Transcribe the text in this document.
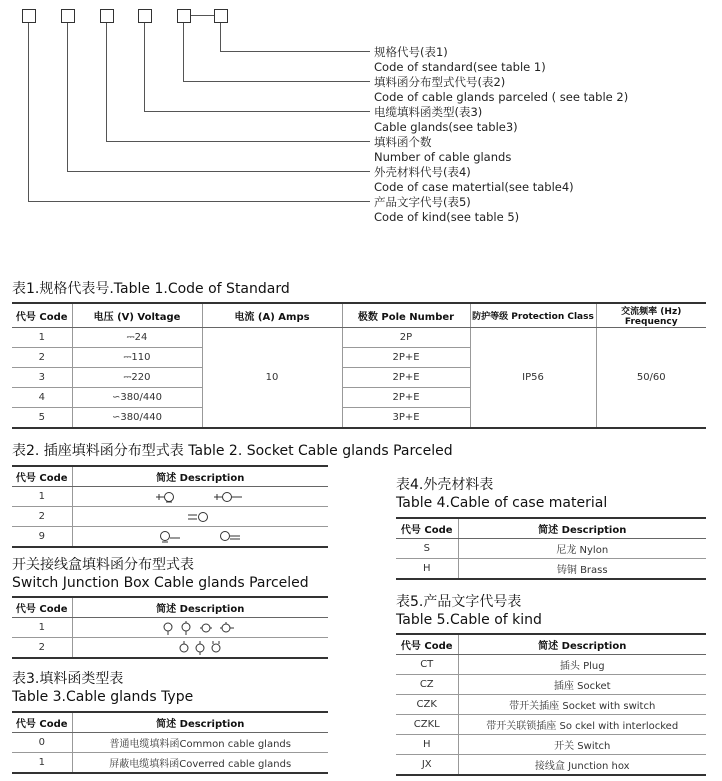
规格代号(表1)
Code of standard(see table 1)
填料函分布型式代号(表2)
Code of cable glands parceled ( see table 2)
电缆填料函类型(表3)
Cable glands(see table3)
填料函个数
Number of cable glands
外壳材料代号(表4)
Code of case matertial(see table4)
产品文字代号(表5)
Code of kind(see table 5)
表1.规格代表号.Table 1.Code of Standard
代号 Code	电压 (V) Voltage	电流 (A) Amps	极数 Pole Number	防护等级 Protection Class	交流频率 (Hz) Frequency
1	⎓24	10	2P	IP56	50/60
2	⎓110		2P+E		
3	⎓220		2P+E		
4	∽380/440		2P+E		
5	∽380/440		3P+E		
表2. 插座填料函分布型式表 Table 2. Socket Cable glands Parceled
代号 Code	简述 Description
1	
2	
9	
开关接线盒填料函分布型式表
Switch Junction Box Cable glands Parceled
代号 Code	简述 Description
1	
2	
表3.填料函类型表
Table 3.Cable glands Type
代号 Code	简述 Description
0	普通电缆填料函Common cable glands
1	屏蔽电缆填料函Coverred cable glands
表4.外壳材料表
Table 4.Cable of case material
代号 Code	简述 Description
S	尼龙 Nylon
H	铸铜 Brass
表5.产品文字代号表
Table 5.Cable of kind
代号 Code	简述 Description
CT	插头 Plug
CZ	插座 Socket
CZK	带开关插座 Socket with switch
CZKL	带开关联锁插座 So ckel with interlocked
H	开关 Switch
JX	接线盒 Junction hox
